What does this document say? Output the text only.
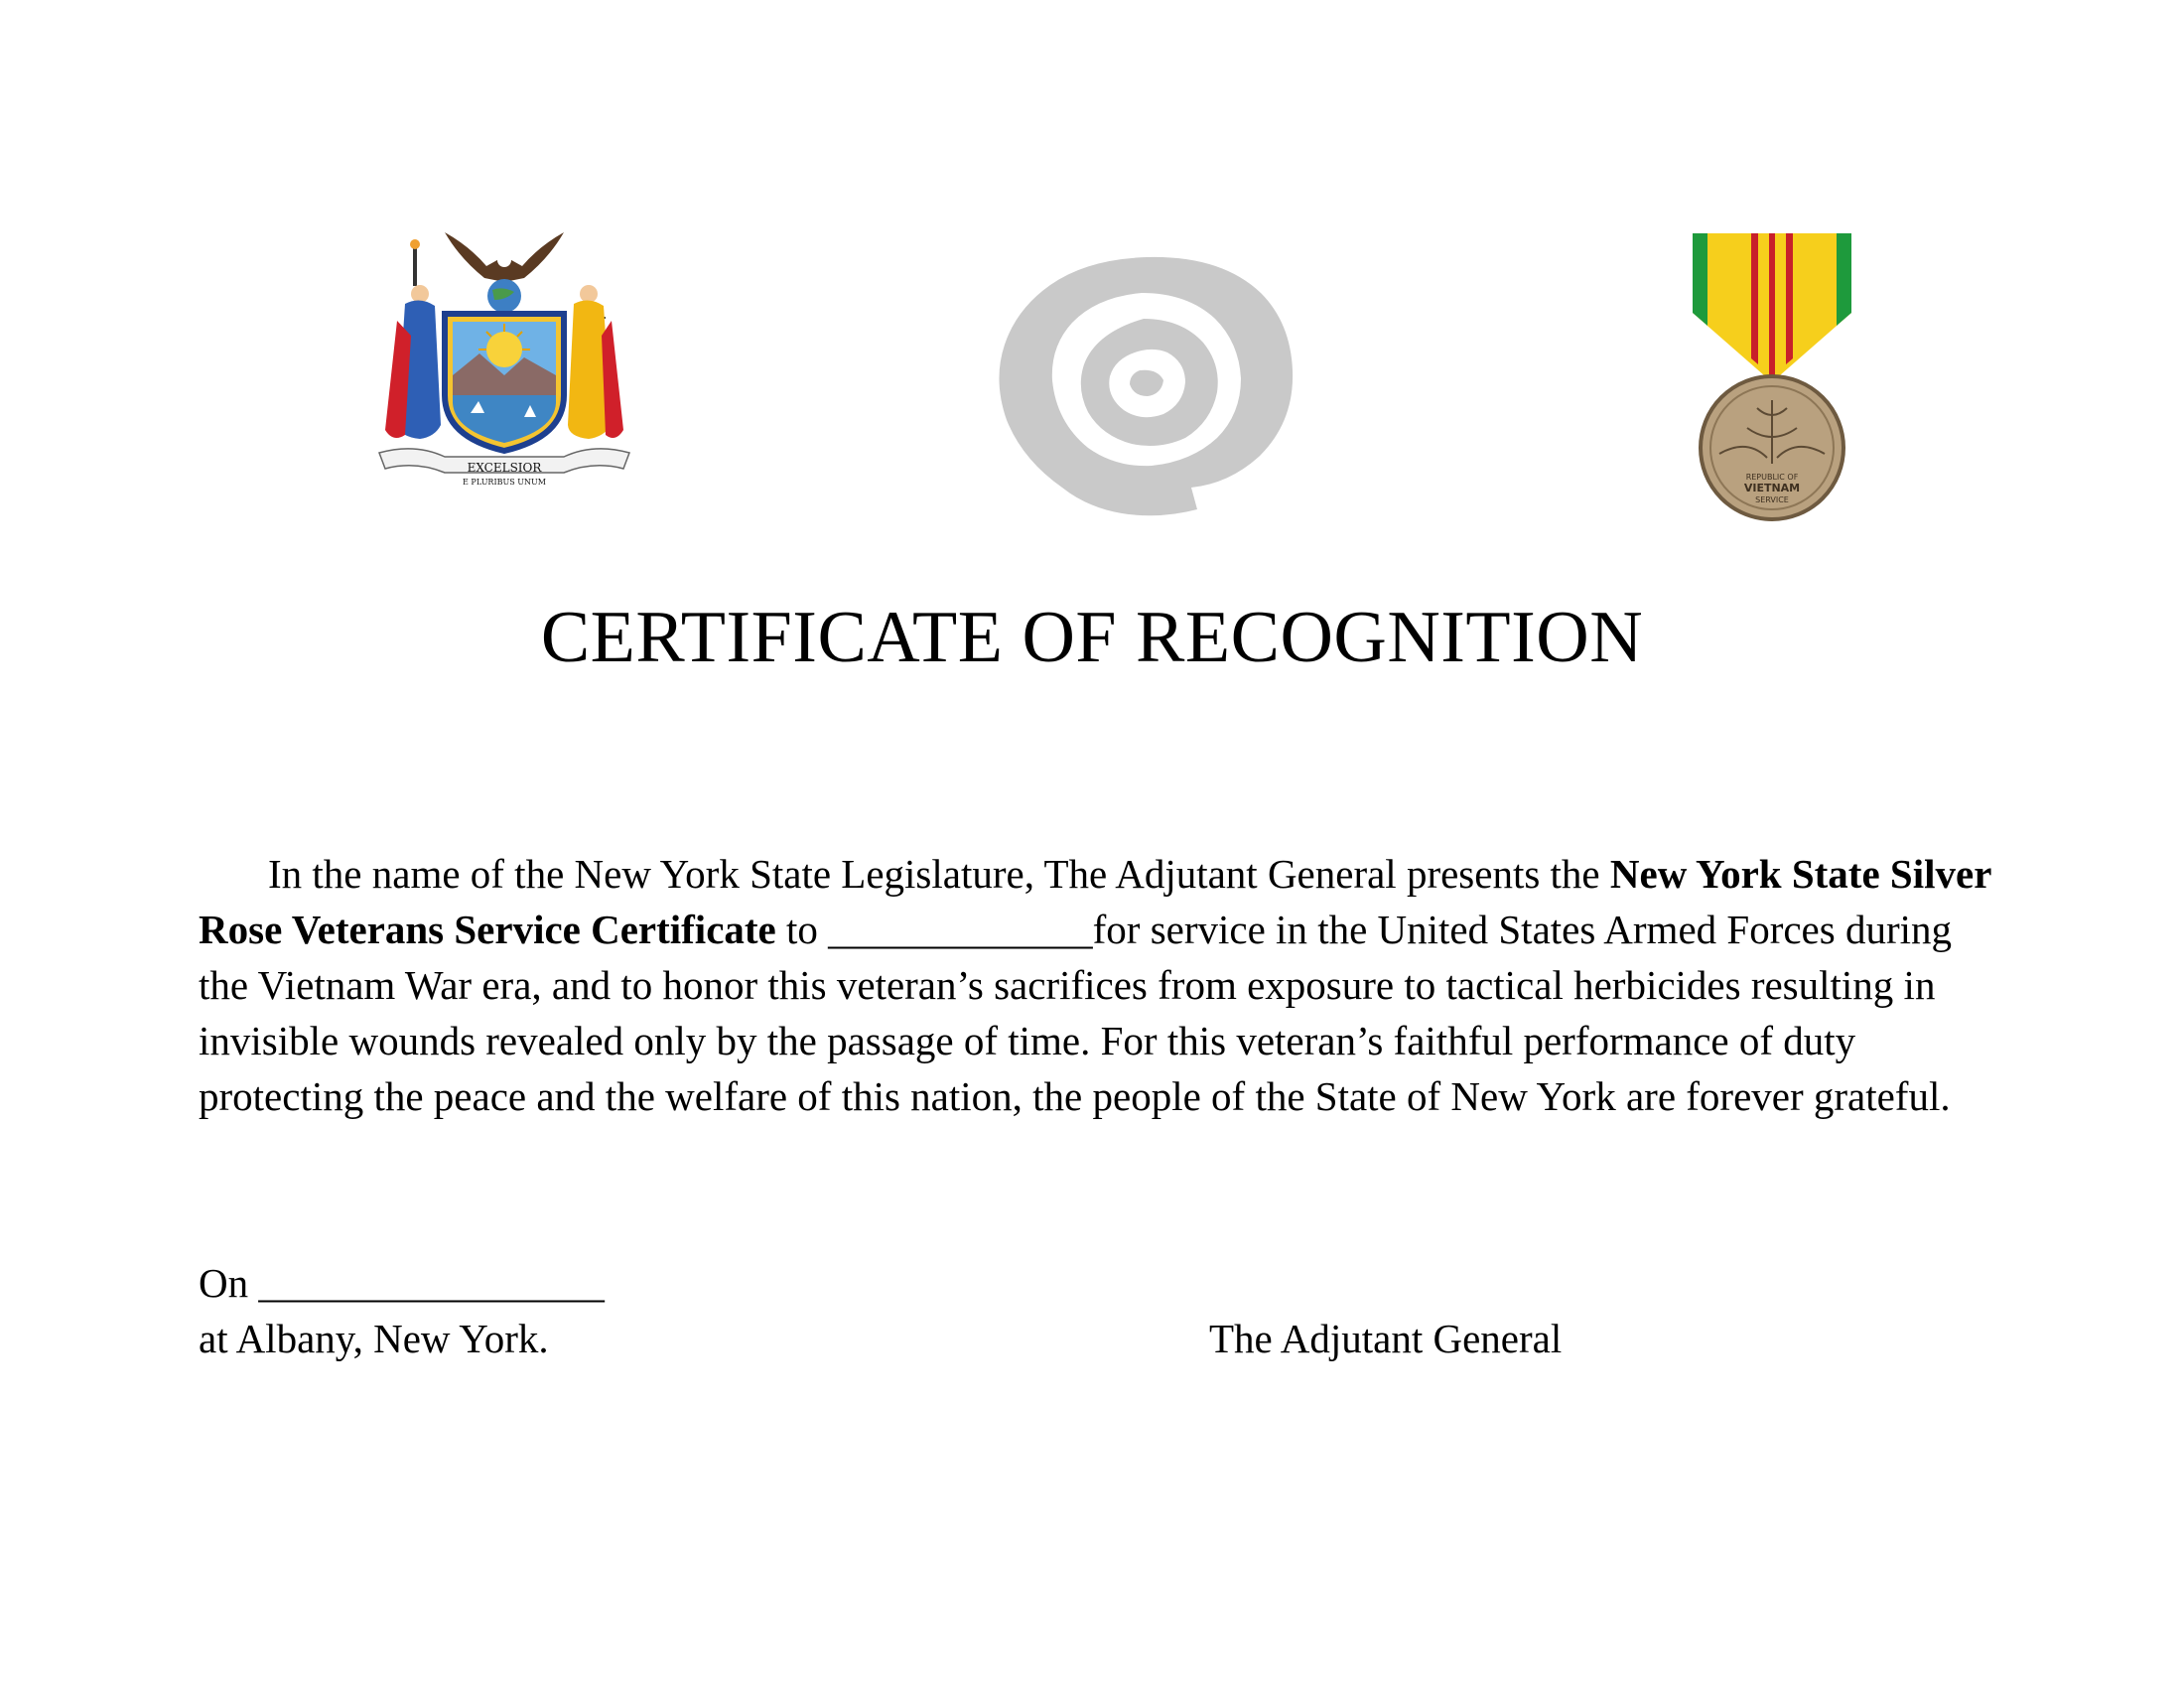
EXCELSIOR
E PLURIBUS UNUM
REPUBLIC OF
VIETNAM
SERVICE
CERTIFICATE OF RECOGNITION
In the name of the New York State Legislature, The Adjutant General presents the New York State Silver Rose Veterans Service Certificate to _____________for service in the United States Armed Forces during the Vietnam War era, and to honor this veteran’s sacrifices from exposure to tactical herbicides resulting in invisible wounds revealed only by the passage of time. For this veteran’s faithful performance of duty protecting the peace and the welfare of this nation, the people of the State of New York are forever grateful.
On _________________
at Albany, New York.	The Adjutant General
